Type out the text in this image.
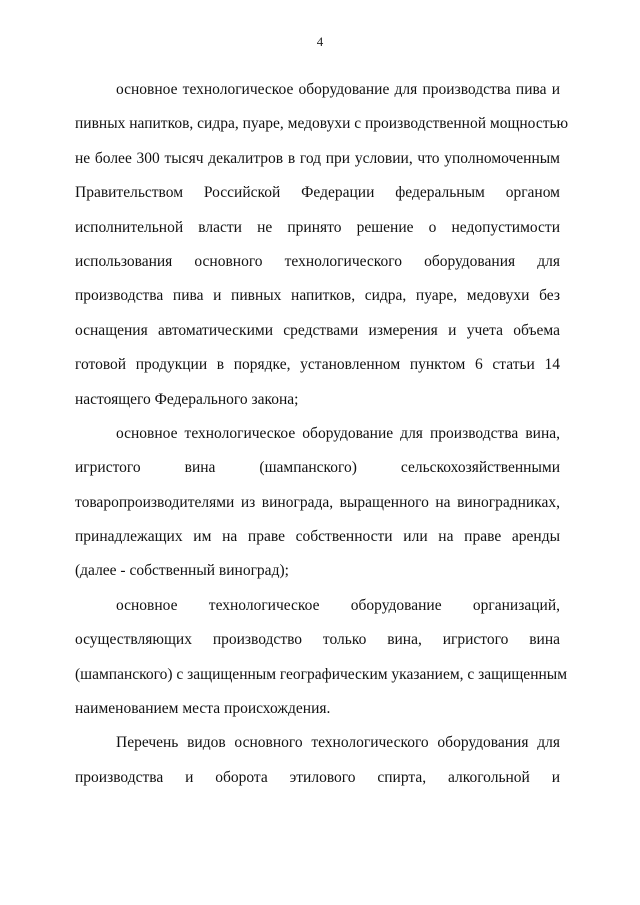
4
основное технологическое оборудование для производства пива и
пивных напитков, сидра, пуаре, медовухи с производственной мощностью
не более 300 тысяч декалитров в год при условии, что уполномоченным
Правительством Российской Федерации федеральным органом
исполнительной власти не принято решение о недопустимости
использования основного технологического оборудования для
производства пива и пивных напитков, сидра, пуаре, медовухи без
оснащения автоматическими средствами измерения и учета объема
готовой продукции в порядке, установленном пунктом 6 статьи 14
настоящего Федерального закона;
основное технологическое оборудование для производства вина,
игристого вина (шампанского) сельскохозяйственными
товаропроизводителями из винограда, выращенного на виноградниках,
принадлежащих им на праве собственности или на праве аренды
(далее - собственный виноград);
основное технологическое оборудование организаций,
осуществляющих производство только вина, игристого вина
(шампанского) с защищенным географическим указанием, с защищенным
наименованием места происхождения.
Перечень видов основного технологического оборудования для
производства и оборота этилового спирта, алкогольной и
